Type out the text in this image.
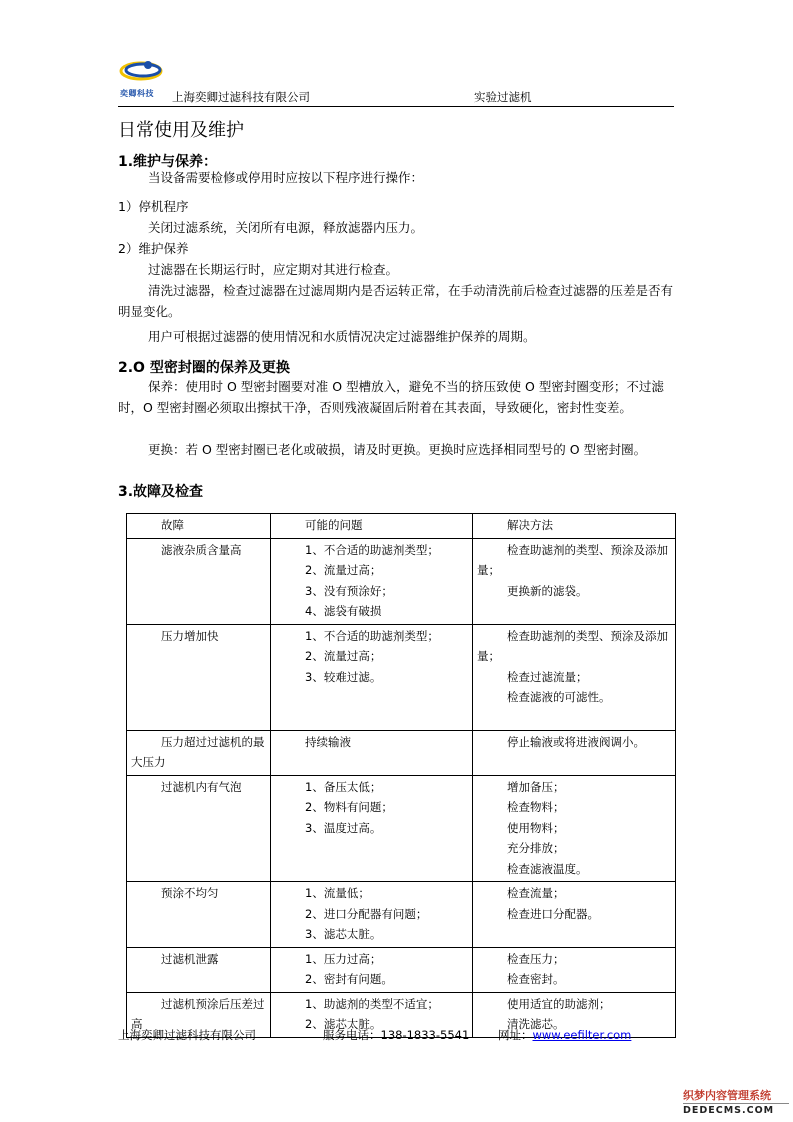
奕卿科技 上海奕卿过滤科技有限公司	实验过滤机
日常使用及维护
1.维护与保养：
当设备需要检修或停用时应按以下程序进行操作：
1）停机程序
关闭过滤系统，关闭所有电源，释放滤器内压力。
2）维护保养
过滤器在长期运行时，应定期对其进行检查。
清洗过滤器，检查过滤器在过滤周期内是否运转正常，在手动清洗前后检查过滤器的压差是否有明显变化。
用户可根据过滤器的使用情况和水质情况决定过滤器维护保养的周期。
2.O 型密封圈的保养及更换
保养：使用时 O 型密封圈要对准 O 型槽放入，避免不当的挤压致使 O 型密封圈变形；不过滤时，O 型密封圈必须取出擦拭干净，否则残液凝固后附着在其表面，导致硬化，密封性变差。
更换：若 O 型密封圈已老化或破损，请及时更换。更换时应选择相同型号的 O 型密封圈。
3.故障及检查
故障	可能的问题	解决方法

滤液杂质含量高	1、不合适的助滤剂类型；
2、流量过高；
3、没有预涂好；
4、滤袋有破损	检查助滤剂的类型、预涂及添加量；
更换新的滤袋。

压力增加快	1、不合适的助滤剂类型；
2、流量过高；
3、较难过滤。	检查助滤剂的类型、预涂及添加量；
检查过滤流量；
检查滤液的可滤性。

压力超过过滤机的最大压力	持续输液	停止输液或将进液阀调小。

过滤机内有气泡	1、备压太低；
2、物料有问题；
3、温度过高。	增加备压；
检查物料；
使用物料；
充分排放；
检查滤液温度。

预涂不均匀	1、流量低；
2、进口分配器有问题；
3、滤芯太脏。	检查流量；
检查进口分配器。

过滤机泄露	1、压力过高；
2、密封有问题。	检查压力；
检查密封。

过滤机预涂后压差过高	1、助滤剂的类型不适宜；
2、滤芯太脏。	使用适宜的助滤剂；
清洗滤芯。
上海奕卿过滤科技有限公司	服务电话：138-1833-5541 网址：www.eefilter.com
织梦内容管理系统
DEDECMS.COM
